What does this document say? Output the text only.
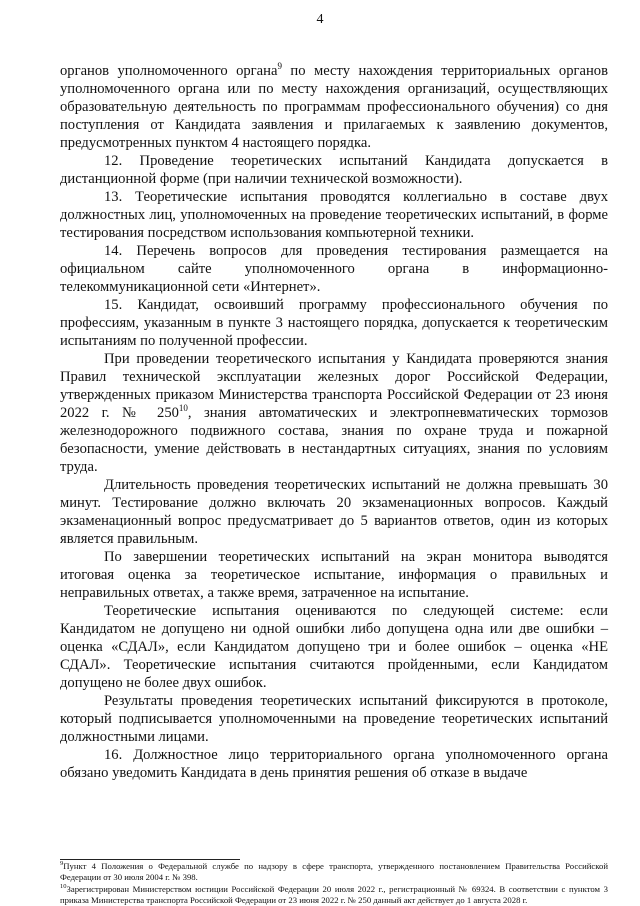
4

органов уполномоченного органа$^9$ по месту нахождения территориальных органов уполномоченного органа или по месту нахождения организаций, осуществляющих образовательную деятельность по программам профессионального обучения) со дня поступления от Кандидата заявления и прилагаемых к заявлению документов, предусмотренных пунктом 4 настоящего порядка.

12. Проведение теоретических испытаний Кандидата допускается в дистанционной форме (при наличии технической возможности).

13. Теоретические испытания проводятся коллегиально в составе двух должностных лиц, уполномоченных на проведение теоретических испытаний, в форме тестирования посредством использования компьютерной техники.

14. Перечень вопросов для проведения тестирования размещается на официальном сайте уполномоченного органа в информационно-телекоммуникационной сети «Интернет».

15. Кандидат, освоивший программу профессионального обучения по профессиям, указанным в пункте 3 настоящего порядка, допускается к теоретическим испытаниям по полученной профессии.

При проведении теоретического испытания у Кандидата проверяются знания Правил технической эксплуатации железных дорог Российской Федерации, утвержденных приказом Министерства транспорта Российской Федерации от 23 июня 2022 г. № $250^{10}$, знания автоматических и электропневматических тормозов железнодорожного подвижного состава, знания по охране труда и пожарной безопасности, умение действовать в нестандартных ситуациях, знания по условиям труда.

Длительность проведения теоретических испытаний не должна превышать 30 минут. Тестирование должно включать 20 экзаменационных вопросов. Каждый экзаменационный вопрос предусматривает до 5 вариантов ответов, один из которых является правильным.

По завершении теоретических испытаний на экран монитора выводятся итоговая оценка за теоретическое испытание, информация о правильных и неправильных ответах, а также время, затраченное на испытание.

Теоретические испытания оцениваются по следующей системе: если Кандидатом не допущено ни одной ошибки либо допущена одна или две ошибки – оценка «СДАЛ», если Кандидатом допущено три и более ошибок – оценка «НЕ СДАЛ». Теоретические испытания считаются пройденными, если Кандидатом допущено не более двух ошибок.

Результаты проведения теоретических испытаний фиксируются в протоколе, который подписывается уполномоченными на проведение теоретических испытаний должностными лицами.

16. Должностное лицо территориального органа уполномоченного органа обязано уведомить Кандидата в день принятия решения об отказе в выдаче

$^9$Пункт 4 Положения о Федеральной службе по надзору в сфере транспорта, утвержденного постановлением Правительства Российской Федерации от 30 июля 2004 г. № 398.

$^{10}$Зарегистрирован Министерством юстиции Российской Федерации 20 июля 2022 г., регистрационный № 69324. В соответствии с пунктом 3 приказа Министерства транспорта Российской Федерации от 23 июня 2022 г. № 250 данный акт действует до 1 августа 2028 г.
